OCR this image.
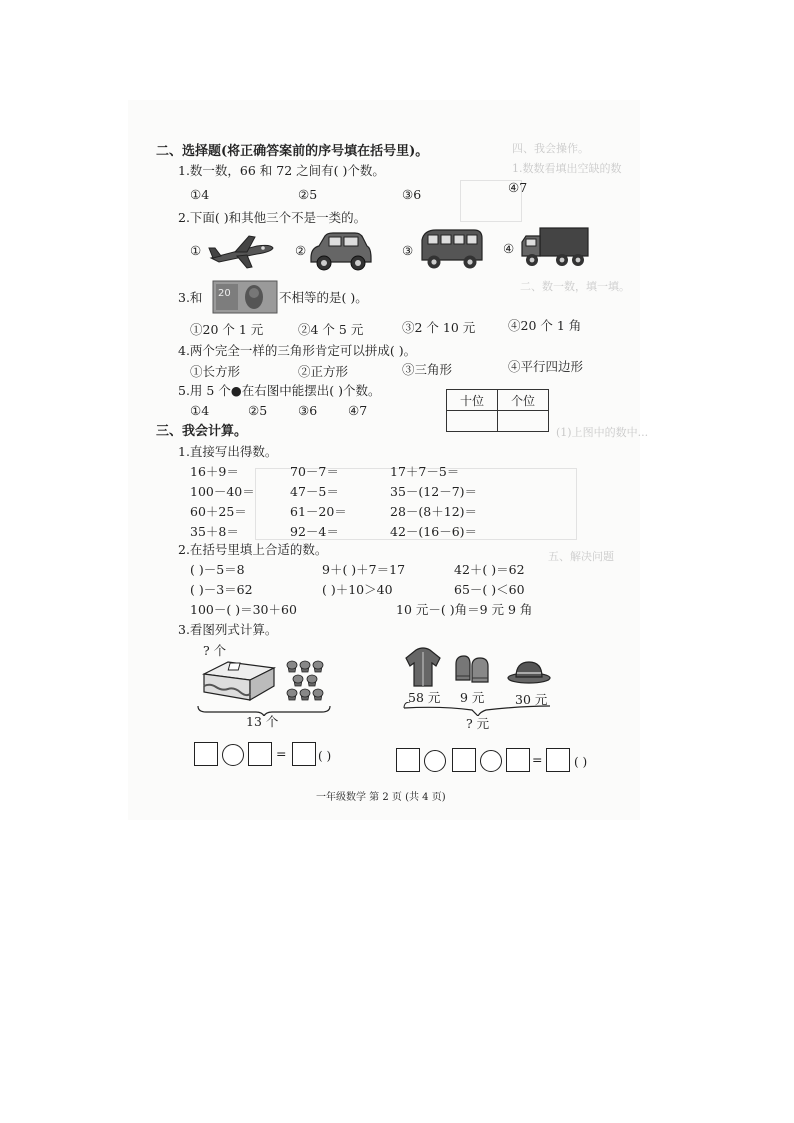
四、我会操作。
1.数数看填出空缺的数
二、数一数，填一填。
(1)上图中的数中...
五、解决问题
二、选择题(将正确答案前的序号填在括号里)。
1.数一数，66 和 72 之间有( )个数。
①4	②5	③6	④7
2.下面( )和其他三个不是一类的。
①	②	③	④
3.和 20	不相等的是( )。
①20 个 1 元	②4 个 5 元	③2 个 10 元	④20 个 1 角
4.两个完全一样的三角形肯定可以拼成( )。
①长方形	②正方形	③三角形	④平行四边形
5.用 5 个●在右图中能摆出( )个数。
①4	②5 ③6 ④7
十位	个位

三、我会计算。
1.直接写出得数。
16＋9＝	70－7＝	17＋7－5＝
100－40＝	47－5＝	35－(12－7)＝
60＋25＝	61－20＝	28－(8＋12)＝
35＋8＝	92－4＝	42－(16－6)＝
2.在括号里填上合适的数。
( )－5＝8	9＋( )＋7＝17	42＋( )＝62
( )－3＝62	( )＋10＞40	65－( )＜60
100－( )＝30＋60	10 元－( )角＝9 元 9 角
3.看图列式计算。
? 个
13 个
=	( )
58 元 9 元 30 元
? 元
=	( )
一年级数学 第 2 页 (共 4 页)
